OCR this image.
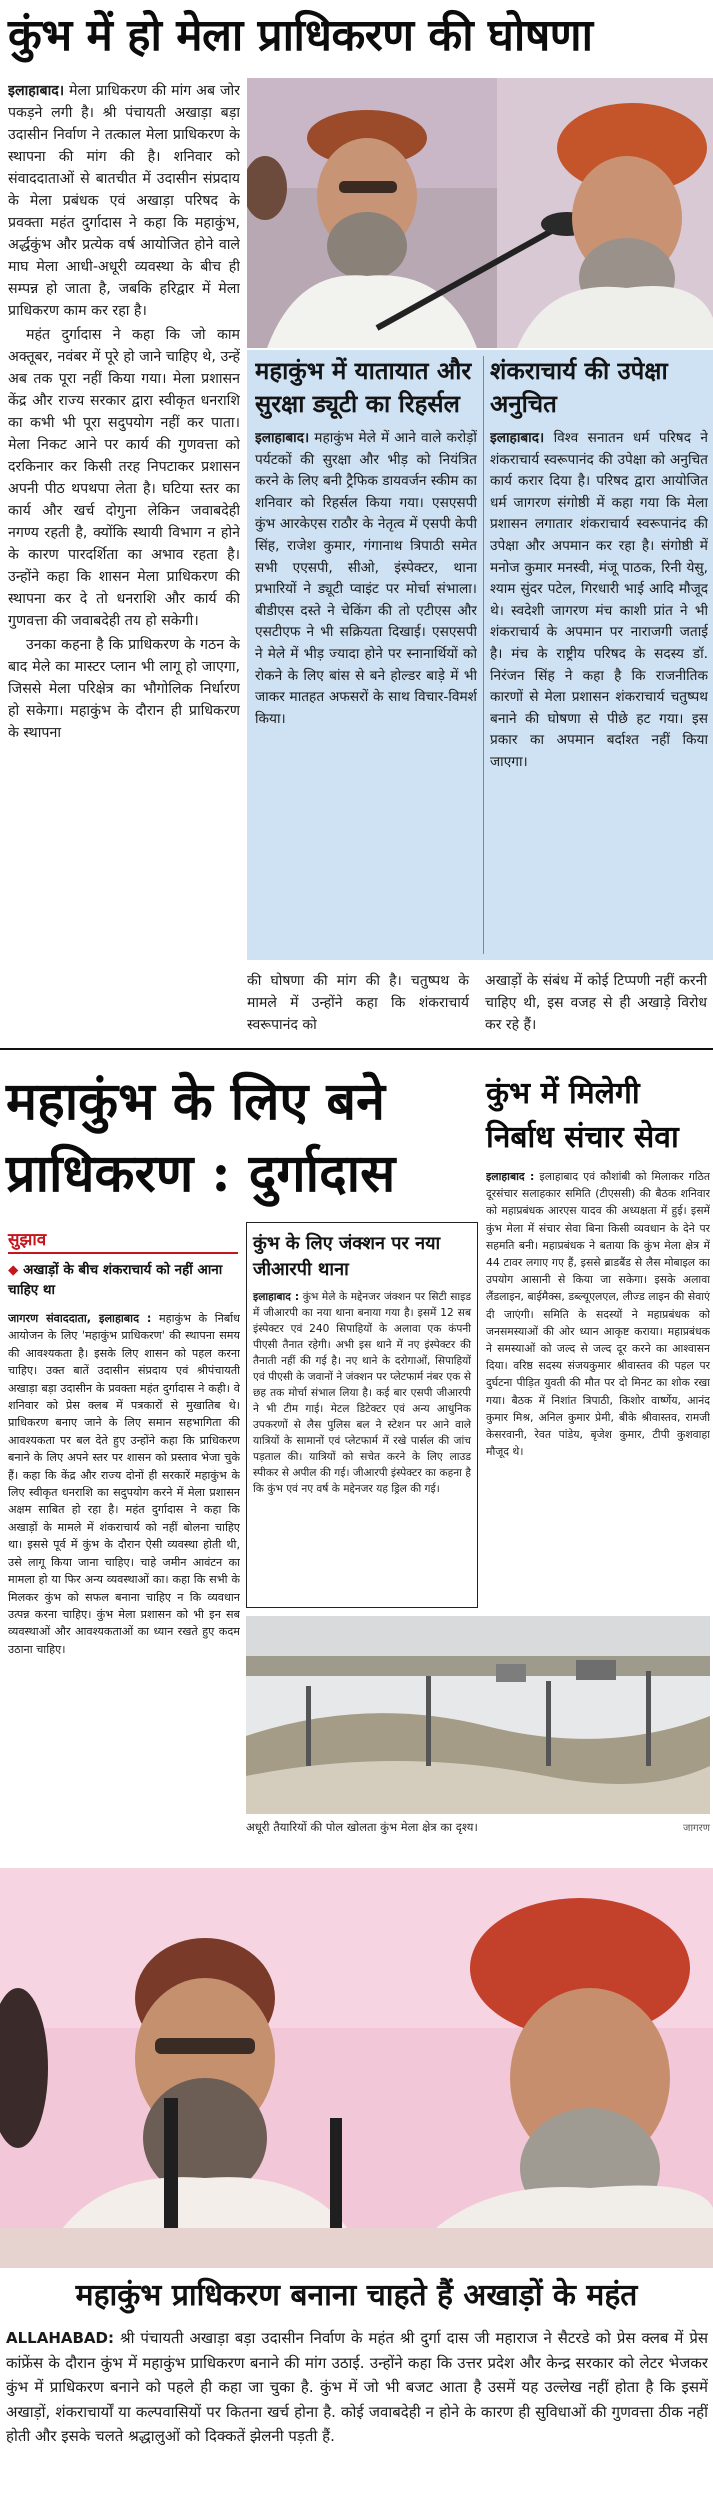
कुंभ में हो मेला प्राधिकरण की घोषणा

इलाहाबाद। मेला प्राधिकरण की मांग अब जोर पकड़ने लगी है। श्री पंचायती अखाड़ा बड़ा उदासीन निर्वाण ने तत्काल मेला प्राधिकरण के स्थापना की मांग की है। शनिवार को संवाददाताओं से बातचीत में उदासीन संप्रदाय के मेला प्रबंधक एवं अखाड़ा परिषद के प्रवक्ता महंत दुर्गादास ने कहा कि महाकुंभ, अर्द्धकुंभ और प्रत्येक वर्ष आयोजित होने वाले माघ मेला आधी-अधूरी व्यवस्था के बीच ही सम्पन्न हो जाता है, जबकि हरिद्वार में मेला प्राधिकरण काम कर रहा है।

महंत दुर्गादास ने कहा कि जो काम अक्तूबर, नवंबर में पूरे हो जाने चाहिए थे, उन्हें अब तक पूरा नहीं किया गया। मेला प्रशासन केंद्र और राज्य सरकार द्वारा स्वीकृत धनराशि का कभी भी पूरा सदुपयोग नहीं कर पाता। मेला निकट आने पर कार्य की गुणवत्ता को दरकिनार कर किसी तरह निपटाकर प्रशासन अपनी पीठ थपथपा लेता है। घटिया स्तर का कार्य और खर्च दोगुना लेकिन जवाबदेही नगण्य रहती है, क्योंकि स्थायी विभाग न होने के कारण पारदर्शिता का अभाव रहता है। उन्होंने कहा कि शासन मेला प्राधिकरण की स्थापना कर दे तो धनराशि और कार्य की गुणवत्ता की जवाबदेही तय हो सकेगी।

उनका कहना है कि प्राधिकरण के गठन के बाद मेले का मास्टर प्लान भी लागू हो जाएगा, जिससे मेला परिक्षेत्र का भौगोलिक निर्धारण हो सकेगा। महाकुंभ के दौरान ही प्राधिकरण के स्थापना

महाकुंभ में यातायात और सुरक्षा ड्यूटी का रिहर्सल
इलाहाबाद। महाकुंभ मेले में आने वाले करोड़ों पर्यटकों की सुरक्षा और भीड़ को नियंत्रित करने के लिए बनी ट्रैफिक डायवर्जन स्कीम का शनिवार को रिहर्सल किया गया। एसएसपी कुंभ आरकेएस राठौर के नेतृत्व में एसपी केपी सिंह, राजेश कुमार, गंगानाथ त्रिपाठी समेत सभी एएसपी, सीओ, इंस्पेक्टर, थाना प्रभारियों ने ड्यूटी प्वाइंट पर मोर्चा संभाला। बीडीएस दस्ते ने चेकिंग की तो एटीएस और एसटीएफ ने भी सक्रियता दिखाई। एसएसपी ने मेले में भीड़ ज्यादा होने पर स्नानार्थियों को रोकने के लिए बांस से बने होल्डर बाड़े में भी जाकर मातहत अफसरों के साथ विचार-विमर्श किया।
शंकराचार्य की उपेक्षा अनुचित
इलाहाबाद। विश्व सनातन धर्म परिषद ने शंकराचार्य स्वरूपानंद की उपेक्षा को अनुचित कार्य करार दिया है। परिषद द्वारा आयोजित धर्म जागरण संगोष्ठी में कहा गया कि मेला प्रशासन लगातार शंकराचार्य स्वरूपानंद की उपेक्षा और अपमान कर रहा है। संगोष्ठी में मनोज कुमार मनस्वी, मंजू पाठक, रिनी येसु, श्याम सुंदर पटेल, गिरधारी भाई आदि मौजूद थे। स्वदेशी जागरण मंच काशी प्रांत ने भी शंकराचार्य के अपमान पर नाराजगी जताई है। मंच के राष्ट्रीय परिषद के सदस्य डॉ. निरंजन सिंह ने कहा है कि राजनीतिक कारणों से मेला प्रशासन शंकराचार्य चतुष्पथ बनाने की घोषणा से पीछे हट गया। इस प्रकार का अपमान बर्दाश्त नहीं किया जाएगा।
की घोषणा की मांग की है। चतुष्पथ के मामले में उन्होंने कहा कि शंकराचार्य स्वरूपानंद को
अखाड़ों के संबंध में कोई टिप्पणी नहीं करनी चाहिए थी, इस वजह से ही अखाड़े विरोध कर रहे हैं।
महाकुंभ के लिए बने
प्राधिकरण : दुर्गादास
कुंभ में मिलेगी
निर्बाध संचार सेवा
सुझाव
◆ अखाड़ों के बीच शंकराचार्य को नहीं आना चाहिए था
जागरण संवाददाता, इलाहाबाद : महाकुंभ के निर्बाध आयोजन के लिए 'महाकुंभ प्राधिकरण' की स्थापना समय की आवश्यकता है। इसके लिए शासन को पहल करना चाहिए। उक्त बातें उदासीन संप्रदाय एवं श्रीपंचायती अखाड़ा बड़ा उदासीन के प्रवक्ता महंत दुर्गादास ने कही। वे शनिवार को प्रेस क्लब में पत्रकारों से मुखातिब थे। प्राधिकरण बनाए जाने के लिए समान सहभागिता की आवश्यकता पर बल देते हुए उन्होंने कहा कि प्राधिकरण बनाने के लिए अपने स्तर पर शासन को प्रस्ताव भेजा चुके हैं। कहा कि केंद्र और राज्य दोनों ही सरकारें महाकुंभ के लिए स्वीकृत धनराशि का सदुपयोग करने में मेला प्रशासन अक्षम साबित हो रहा है। महंत दुर्गादास ने कहा कि अखाड़ों के मामले में शंकराचार्य को नहीं बोलना चाहिए था। इससे पूर्व में कुंभ के दौरान ऐसी व्यवस्था होती थी, उसे लागू किया जाना चाहिए। चाहे जमीन आवंटन का मामला हो या फिर अन्य व्यवस्थाओं का। कहा कि सभी के मिलकर कुंभ को सफल बनाना चाहिए न कि व्यवधान उत्पन्न करना चाहिए। कुंभ मेला प्रशासन को भी इन सब व्यवस्थाओं और आवश्यकताओं का ध्यान रखते हुए कदम उठाना चाहिए।
कुंभ के लिए जंक्शन पर नया जीआरपी थाना
इलाहाबाद : कुंभ मेले के मद्देनजर जंक्शन पर सिटी साइड में जीआरपी का नया थाना बनाया गया है। इसमें 12 सब इंस्पेक्टर एवं 240 सिपाहियों के अलावा एक कंपनी पीएसी तैनात रहेगी। अभी इस थाने में नए इंस्पेक्टर की तैनाती नहीं की गई है। नए थाने के दरोगाओं, सिपाहियों एवं पीएसी के जवानों ने जंक्शन पर प्लेटफार्म नंबर एक से छह तक मोर्चा संभाल लिया है। कई बार एसपी जीआरपी ने भी टीम गाई। मेटल डिटेक्टर एवं अन्य आधुनिक उपकरणों से लैस पुलिस बल ने स्टेशन पर आने वाले यात्रियों के सामानों एवं प्लेटफार्म में रखे पार्सल की जांच पड़ताल की। यात्रियों को सचेत करने के लिए लाउड स्पीकर से अपील की गई। जीआरपी इंस्पेक्टर का कहना है कि कुंभ एवं नए वर्ष के मद्देनजर यह ड्रिल की गई।
इलाहाबाद : इलाहाबाद एवं कौशांबी को मिलाकर गठित दूरसंचार सलाहकार समिति (टीएससी) की बैठक शनिवार को महाप्रबंधक आरएस यादव की अध्यक्षता में हुई। इसमें कुंभ मेला में संचार सेवा बिना किसी व्यवधान के देने पर सहमति बनी। महाप्रबंधक ने बताया कि कुंभ मेला क्षेत्र में 44 टावर लगाए गए हैं, इससे ब्राडबैंड से लैस मोबाइल का उपयोग आसानी से किया जा सकेगा। इसके अलावा लैंडलाइन, बाईमैक्स, डब्ल्यूएलएल, लीज्ड लाइन की सेवाएं दी जाएंगी। समिति के सदस्यों ने महाप्रबंधक को जनसमस्याओं की ओर ध्यान आकृष्ट कराया। महाप्रबंधक ने समस्याओं को जल्द से जल्द दूर करने का आश्वासन दिया। वरिष्ठ सदस्य संजयकुमार श्रीवास्तव की पहल पर दुर्घटना पीड़ित युवती की मौत पर दो मिनट का शोक रखा गया। बैठक में निशांत त्रिपाठी, किशोर वार्ष्णेय, आनंद कुमार मिश्र, अनिल कुमार प्रेमी, बीके श्रीवास्तव, रामजी केसरवानी, रेवत पांडेय, बृजेश कुमार, टीपी कुशवाहा मौजूद थे।
अधूरी तैयारियों की पोल खोलता कुंभ मेला क्षेत्र का दृश्य।	जागरण
महाकुंभ प्राधिकरण बनाना चाहते हैं अखाड़ों के महंत
ALLAHABAD: श्री पंचायती अखाड़ा बड़ा उदासीन निर्वाण के महंत श्री दुर्गा दास जी महाराज ने सैटरडे को प्रेस क्लब में प्रेस कांफ्रेंस के दौरान कुंभ में महाकुंभ प्राधिकरण बनाने की मांग उठाई. उन्होंने कहा कि उत्तर प्रदेश और केन्द्र सरकार को लेटर भेजकर कुंभ में प्राधिकरण बनाने को पहले ही कहा जा चुका है. कुंभ में जो भी बजट आता है उसमें यह उल्लेख नहीं होता है कि इसमें अखाड़ों, शंकराचार्यों या कल्पवासियों पर कितना खर्च होना है. कोई जवाबदेही न होने के कारण ही सुविधाओं की गुणवत्ता ठीक नहीं होती और इसके चलते श्रद्धालुओं को दिक्कतें झेलनी पड़ती हैं.
